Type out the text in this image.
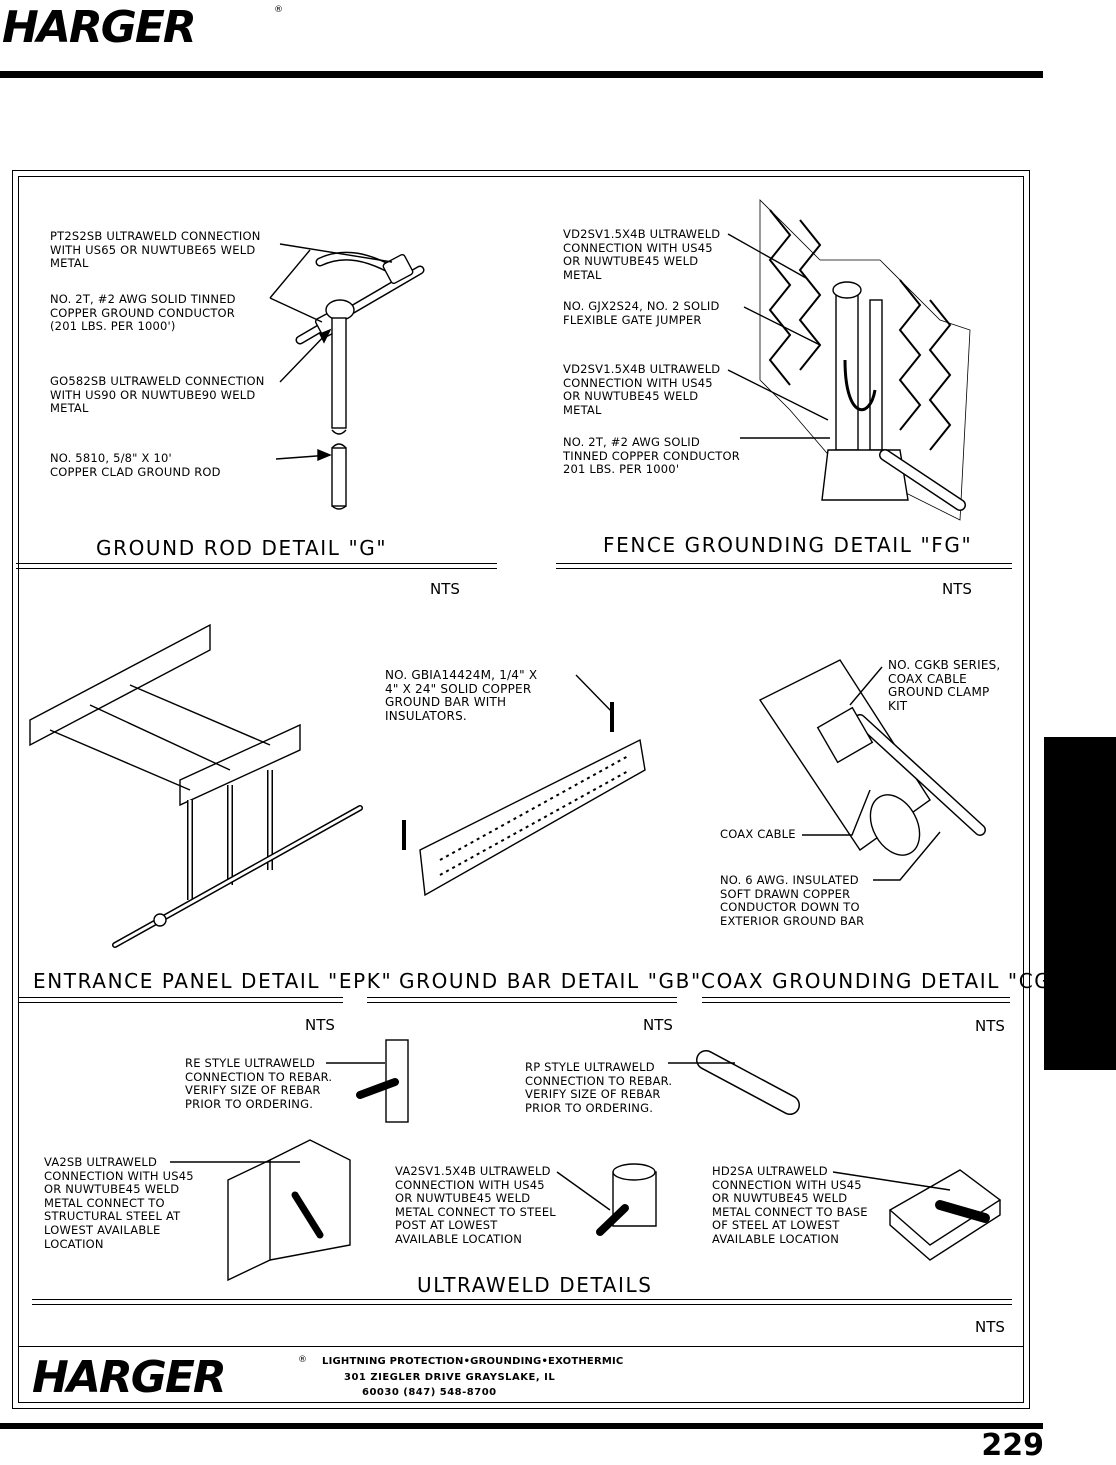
HARGER	®
PT2S2SB ULTRAWELD CONNECTION
WITH US65 OR NUWTUBE65 WELD
METAL
NO. 2T, #2 AWG SOLID TINNED
COPPER GROUND CONDUCTOR
(201 LBS. PER 1000')
GO582SB ULTRAWELD CONNECTION
WITH US90 OR NUWTUBE90 WELD
METAL
NO. 5810, 5/8" X 10'
COPPER CLAD GROUND ROD
GROUND ROD DETAIL "G"
NTS
VD2SV1.5X4B ULTRAWELD
CONNECTION WITH US45
OR NUWTUBE45 WELD
METAL
NO. GJX2S24, NO. 2 SOLID
FLEXIBLE GATE JUMPER
VD2SV1.5X4B ULTRAWELD
CONNECTION WITH US45
OR NUWTUBE45 WELD
METAL
NO. 2T, #2 AWG SOLID
TINNED COPPER CONDUCTOR
201 LBS. PER 1000'
FENCE GROUNDING DETAIL "FG"
NTS
NO. GBIA14424M, 1/4" X
4" X 24" SOLID COPPER
GROUND BAR WITH
INSULATORS.
NO. CGKB SERIES,
COAX CABLE
GROUND CLAMP
KIT
COAX CABLE
NO. 6 AWG. INSULATED
SOFT DRAWN COPPER
CONDUCTOR DOWN TO
EXTERIOR GROUND BAR
ENTRANCE PANEL DETAIL "EPK"
NTS
GROUND BAR DETAIL "GB"
NTS
COAX GROUNDING DETAIL "CGK"
NTS
RE STYLE ULTRAWELD
CONNECTION TO REBAR.
VERIFY SIZE OF REBAR
PRIOR TO ORDERING.
RP STYLE ULTRAWELD
CONNECTION TO REBAR.
VERIFY SIZE OF REBAR
PRIOR TO ORDERING.
VA2SB ULTRAWELD
CONNECTION WITH US45
OR NUWTUBE45 WELD
METAL CONNECT TO
STRUCTURAL STEEL AT
LOWEST AVAILABLE
LOCATION
VA2SV1.5X4B ULTRAWELD
CONNECTION WITH US45
OR NUWTUBE45 WELD
METAL CONNECT TO STEEL
POST AT LOWEST
AVAILABLE LOCATION
HD2SA ULTRAWELD
CONNECTION WITH US45
OR NUWTUBE45 WELD
METAL CONNECT TO BASE
OF STEEL AT LOWEST
AVAILABLE LOCATION
ULTRAWELD DETAILS
NTS
HARGER	® LIGHTNING PROTECTION•GROUNDING•EXOTHERMIC
301 ZIEGLER DRIVE GRAYSLAKE, IL
60030 (847) 548-8700
229
